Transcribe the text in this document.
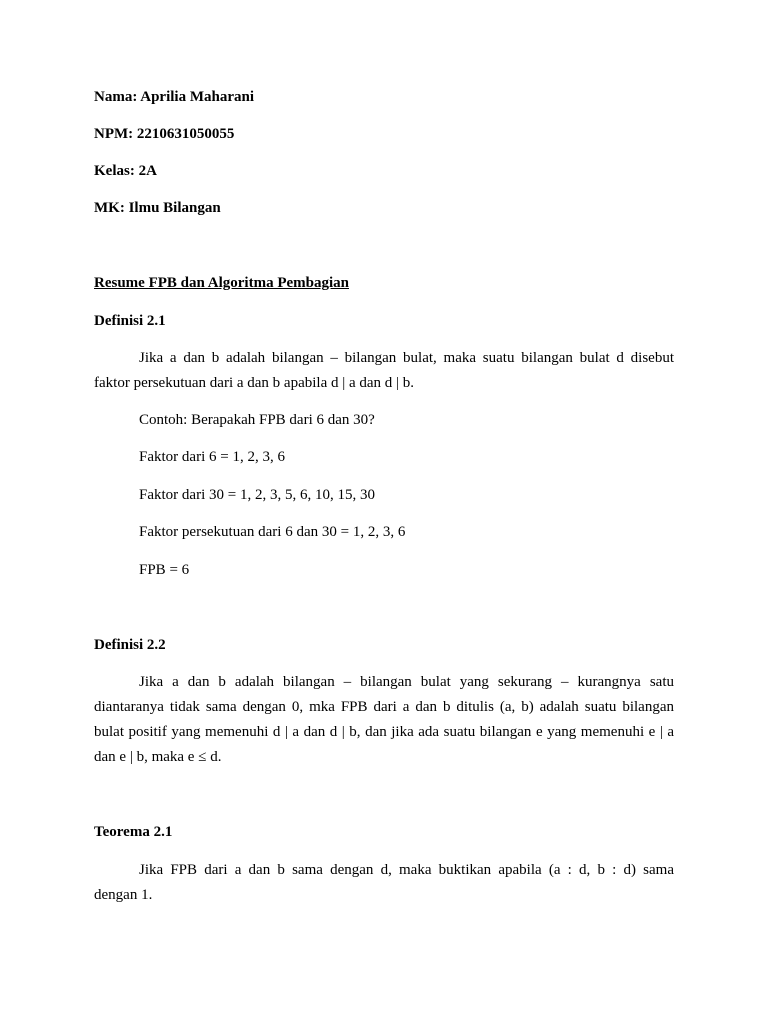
Nama: Aprilia Maharani
NPM: 2210631050055
Kelas: 2A
MK: Ilmu Bilangan
Resume FPB dan Algoritma Pembagian
Definisi 2.1
Jika a dan b adalah bilangan – bilangan bulat, maka suatu bilangan bulat d disebut
faktor persekutuan dari a dan b apabila d | a dan d | b.
Contoh: Berapakah FPB dari 6 dan 30?
Faktor dari 6 = 1, 2, 3, 6
Faktor dari 30 = 1, 2, 3, 5, 6, 10, 15, 30
Faktor persekutuan dari 6 dan 30 = 1, 2, 3, 6
FPB = 6
Definisi 2.2
Jika a dan b adalah bilangan – bilangan bulat yang sekurang – kurangnya satu
diantaranya tidak sama dengan 0, mka FPB dari a dan b ditulis (a, b) adalah suatu bilangan
bulat positif yang memenuhi d | a dan d | b, dan jika ada suatu bilangan e yang memenuhi e | a
dan e | b, maka e ≤ d.
Teorema 2.1
Jika FPB dari a dan b sama dengan d, maka buktikan apabila (a : d, b : d) sama
dengan 1.
